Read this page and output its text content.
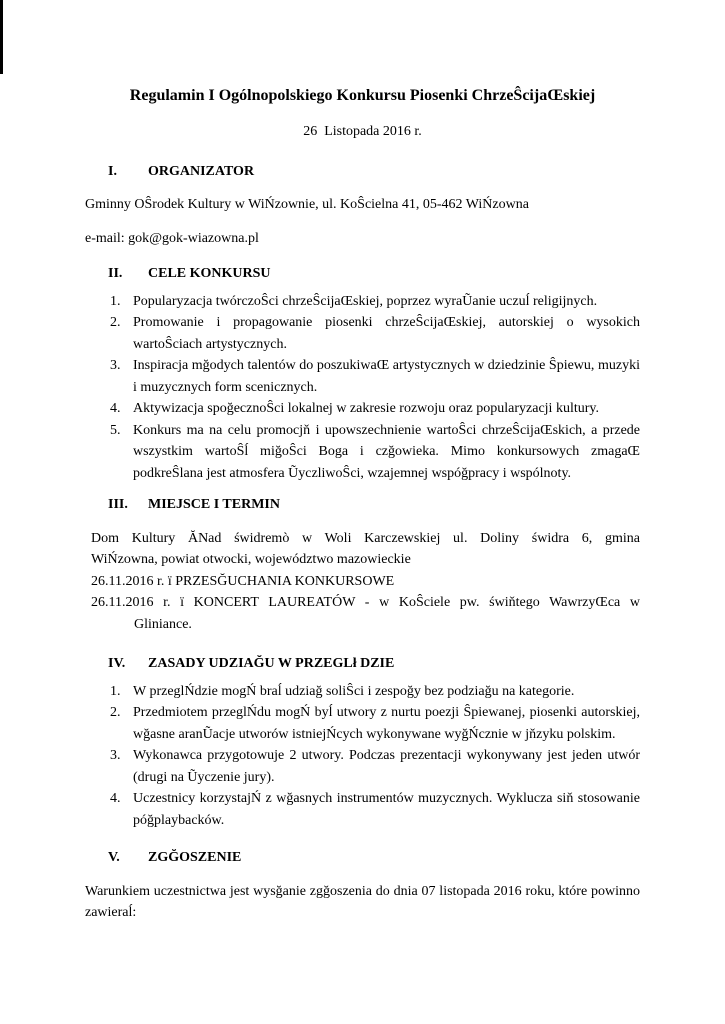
Regulamin I Ogólnopolskiego Konkursu Piosenki ChrzeŜcijaŒskiej
26  Listopada 2016 r.
I.	ORGANIZATOR

Gminny OŜrodek Kultury w WiŃzownie, ul. KoŜcielna 41, 05-462 WiŃzowna

e-mail: gok@gok-wiazowna.pl

II.	CELE KONKURSU
1. Popularyzacja twórczoŜci chrzeŜcijaŒskiej, poprzez wyraŨanie uczuĺ religijnych.
2. Promowanie i propagowanie piosenki chrzeŜcijaŒskiej, autorskiej o wysokich wartoŜciach artystycznych.
3. Inspiracja mğodych talentów do poszukiwaŒ artystycznych w dziedzinie Ŝpiewu, muzyki i muzycznych form scenicznych.
4. Aktywizacja spoğecznoŜci lokalnej w zakresie rozwoju oraz popularyzacji kultury.
5. Konkurs ma na celu promocjň i upowszechnienie wartoŜci chrzeŜcijaŒskich, a przede wszystkim wartoŜĺ miğoŜci Boga i czğowieka. Mimo konkursowych zmagaŒ podkreŜlana jest atmosfera ŨyczliwoŜci, wzajemnej wspóğpracy i wspólnoty.
III.	MIEJSCE I TERMIN
Dom Kultury ĂNad świdremò w Woli Karczewskiej ul. Doliny świdra 6, gmina
WiŃzowna, powiat otwocki, województwo mazowieckie
26.11.2016 r. ï PRZESĞUCHANIA KONKURSOWE
26.11.2016 r. ï KONCERT LAUREATÓW - w KoŜciele pw. świňtego WawrzyŒca w
Gliniance.
IV.	ZASADY UDZIAĞU W PRZEGLł DZIE
1. W przeglŃdzie mogŃ braĺ udziağ soliŜci i zespoğy bez podziağu na kategorie.
2. Przedmiotem przeglŃdu mogŃ byĺ utwory z nurtu poezji Ŝpiewanej, piosenki autorskiej, wğasne aranŨacje utworów istniejŃcych wykonywane wyğŃcznie w jňzyku polskim.
3. Wykonawca przygotowuje 2 utwory. Podczas prezentacji wykonywany jest jeden utwór (drugi na Ũyczenie jury).
4. Uczestnicy korzystajŃ z wğasnych instrumentów muzycznych. Wyklucza siň stosowanie póğplaybacków.
V.	ZGĞOSZENIE

Warunkiem uczestnictwa jest wysğanie zgğoszenia do dnia 07 listopada 2016 roku, które powinno zawieraĺ:
